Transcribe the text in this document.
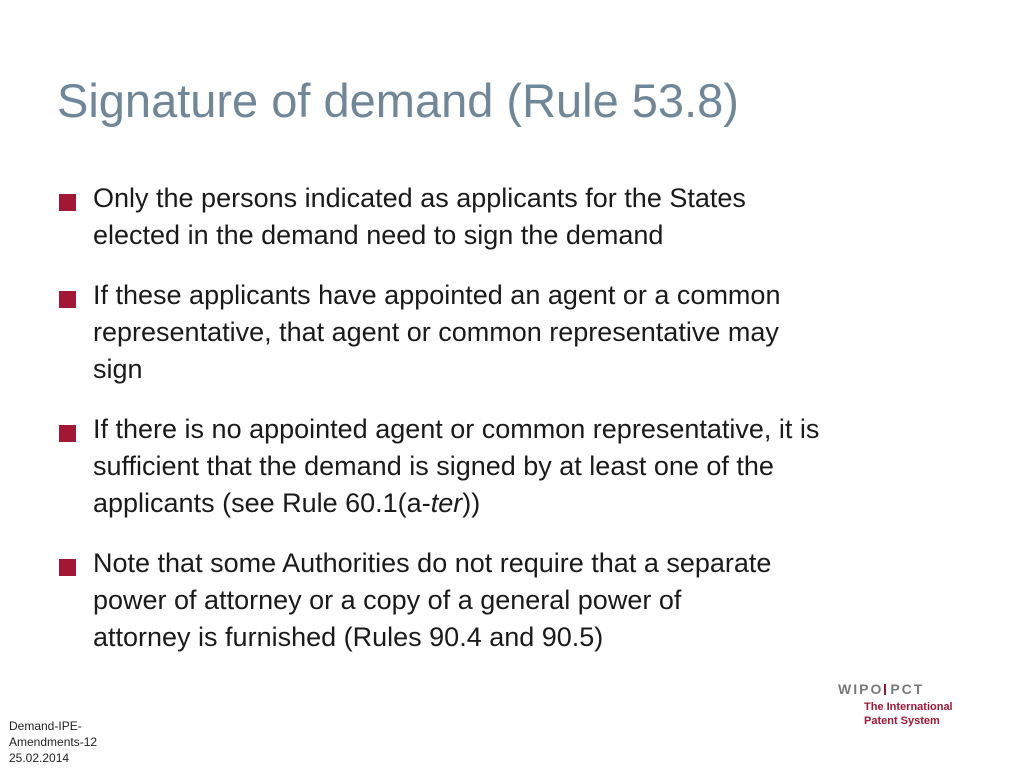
Signature of demand (Rule 53.8)
Only the persons indicated as applicants for the States
elected in the demand need to sign the demand
If these applicants have appointed an agent or a common
representative, that agent or common representative may
sign
If there is no appointed agent or common representative, it is
sufficient that the demand is signed by at least one of the
applicants (see Rule 60.1(a-ter))
Note that some Authorities do not require that a separate
power of attorney or a copy of a general power of
attorney is furnished (Rules 90.4 and 90.5)
Demand-IPE-
Amendments-12
25.02.2014
WIPO PCT
The International
Patent System
